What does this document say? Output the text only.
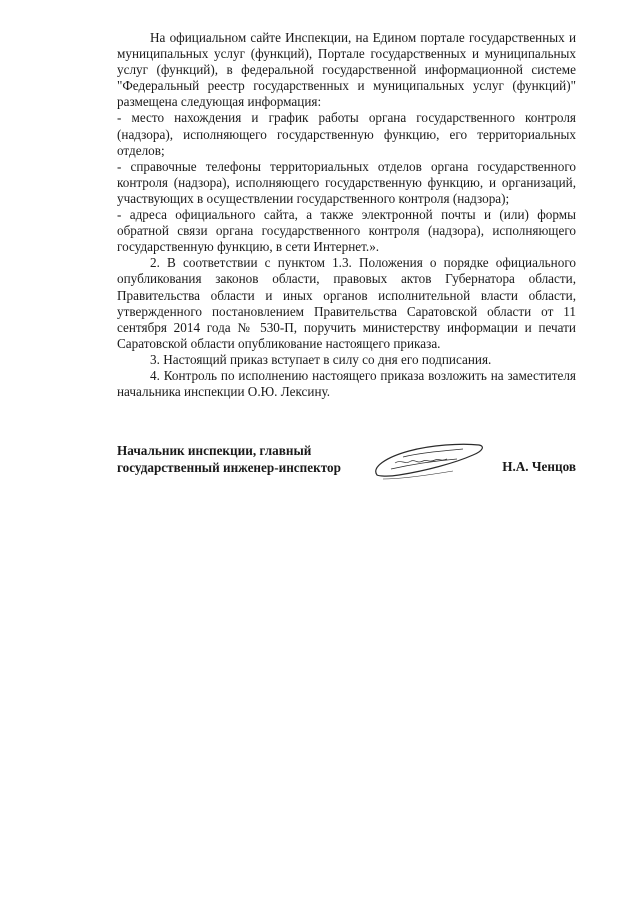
На официальном сайте Инспекции, на Едином портале государственных и муниципальных услуг (функций), Портале государственных и муниципальных услуг (функций), в федеральной государственной информационной системе "Федеральный реестр государственных и муниципальных услуг (функций)" размещена следующая информация:

- место нахождения и график работы органа государственного контроля (надзора), исполняющего государственную функцию, его территориальных отделов;

- справочные телефоны территориальных отделов органа государственного контроля (надзора), исполняющего государственную функцию, и организаций, участвующих в осуществлении государственного контроля (надзора);

- адреса официального сайта, а также электронной почты и (или) формы обратной связи органа государственного контроля (надзора), исполняющего государственную функцию, в сети Интернет.».

2. В соответствии с пунктом 1.3. Положения о порядке официального опубликования законов области, правовых актов Губернатора области, Правительства области и иных органов исполнительной власти области, утвержденного постановлением Правительства Саратовской области от 11 сентября 2014 года № 530-П, поручить министерству информации и печати Саратовской области опубликование настоящего приказа.

3. Настоящий приказ вступает в силу со дня его подписания.

4. Контроль по исполнению настоящего приказа возложить на заместителя начальника инспекции О.Ю. Лексину.

Начальник инспекции, главный
государственный инженер-инспектор	Н.А. Ченцов
